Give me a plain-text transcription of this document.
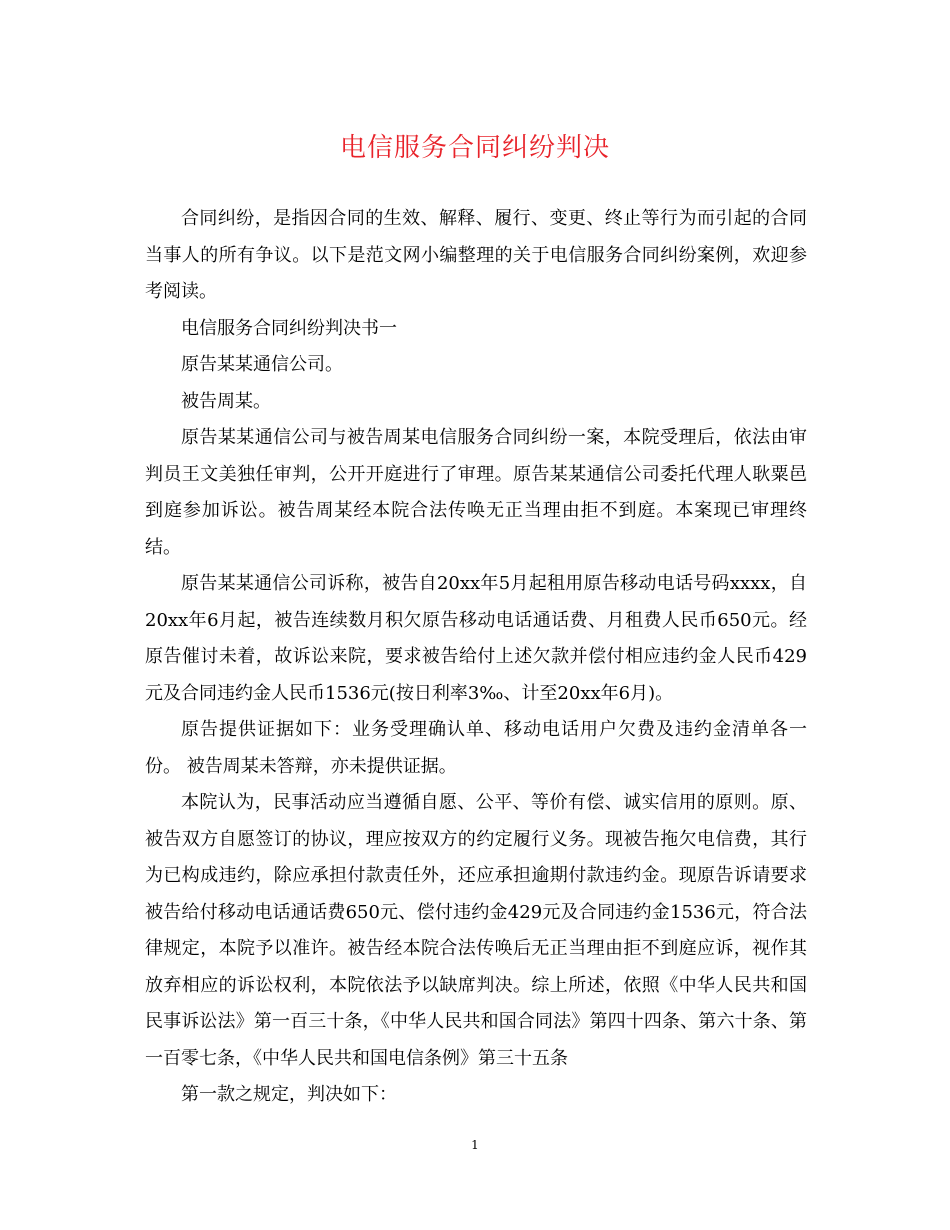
电信服务合同纠纷判决

合同纠纷，是指因合同的生效、解释、履行、变更、终止等行为而引起的合同当事人的所有争议。以下是范文网小编整理的关于电信服务合同纠纷案例，欢迎参考阅读。

电信服务合同纠纷判决书一

原告某某通信公司。

被告周某。

原告某某通信公司与被告周某电信服务合同纠纷一案，本院受理后，依法由审判员王文美独任审判，公开开庭进行了审理。原告某某通信公司委托代理人耿粟邑到庭参加诉讼。被告周某经本院合法传唤无正当理由拒不到庭。本案现已审理终结。

原告某某通信公司诉称，被告自20xx年5月起租用原告移动电话号码xxxx，自20xx年6月起，被告连续数月积欠原告移动电话通话费、月租费人民币650元。经原告催讨未着，故诉讼来院，要求被告给付上述欠款并偿付相应违约金人民币429元及合同违约金人民币1536元(按日利率3‰、计至20xx年6月)。

原告提供证据如下：业务受理确认单、移动电话用户欠费及违约金清单各一份。 被告周某未答辩，亦未提供证据。

本院认为，民事活动应当遵循自愿、公平、等价有偿、诚实信用的原则。原、被告双方自愿签订的协议，理应按双方的约定履行义务。现被告拖欠电信费，其行为已构成违约，除应承担付款责任外，还应承担逾期付款违约金。现原告诉请要求被告给付移动电话通话费650元、偿付违约金429元及合同违约金1536元，符合法律规定，本院予以准许。被告经本院合法传唤后无正当理由拒不到庭应诉，视作其放弃相应的诉讼权利，本院依法予以缺席判决。综上所述，依照《中华人民共和国民事诉讼法》第一百三十条，《中华人民共和国合同法》第四十四条、第六十条、第一百零七条，《中华人民共和国电信条例》第三十五条

第一款之规定，判决如下：

1
